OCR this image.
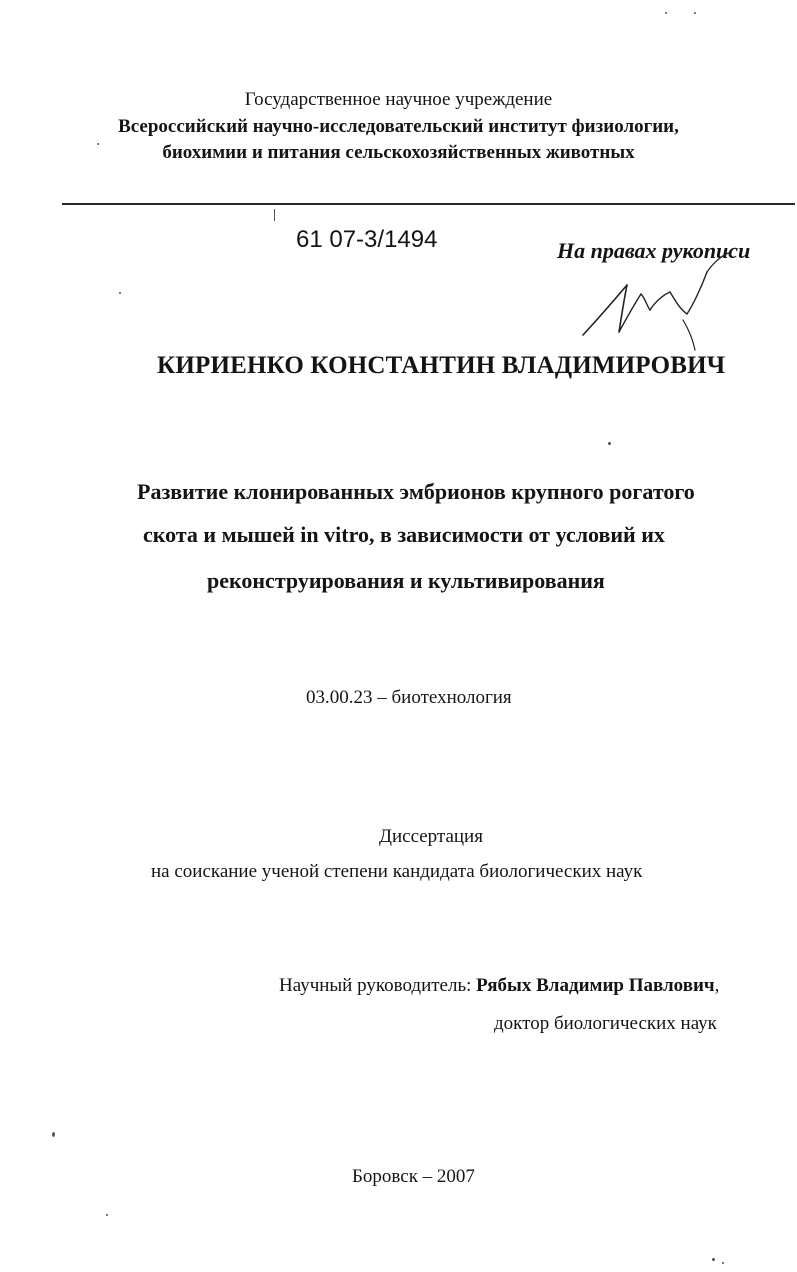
Государственное научное учреждение
Всероссийский научно-исследовательский институт физиологии,
биохимии и питания сельскохозяйственных животных
61 07-3/1494	На правах рукописи
КИРИЕНКО КОНСТАНТИН ВЛАДИМИРОВИЧ
Развитие клонированных эмбрионов крупного рогатого
скота и мышей in vitro, в зависимости от условий их
реконструирования и культивирования
03.00.23 – биотехнология
Диссертация
на соискание ученой степени кандидата биологических наук
Научный руководитель: Рябых Владимир Павлович,
доктор биологических наук
Боровск – 2007
